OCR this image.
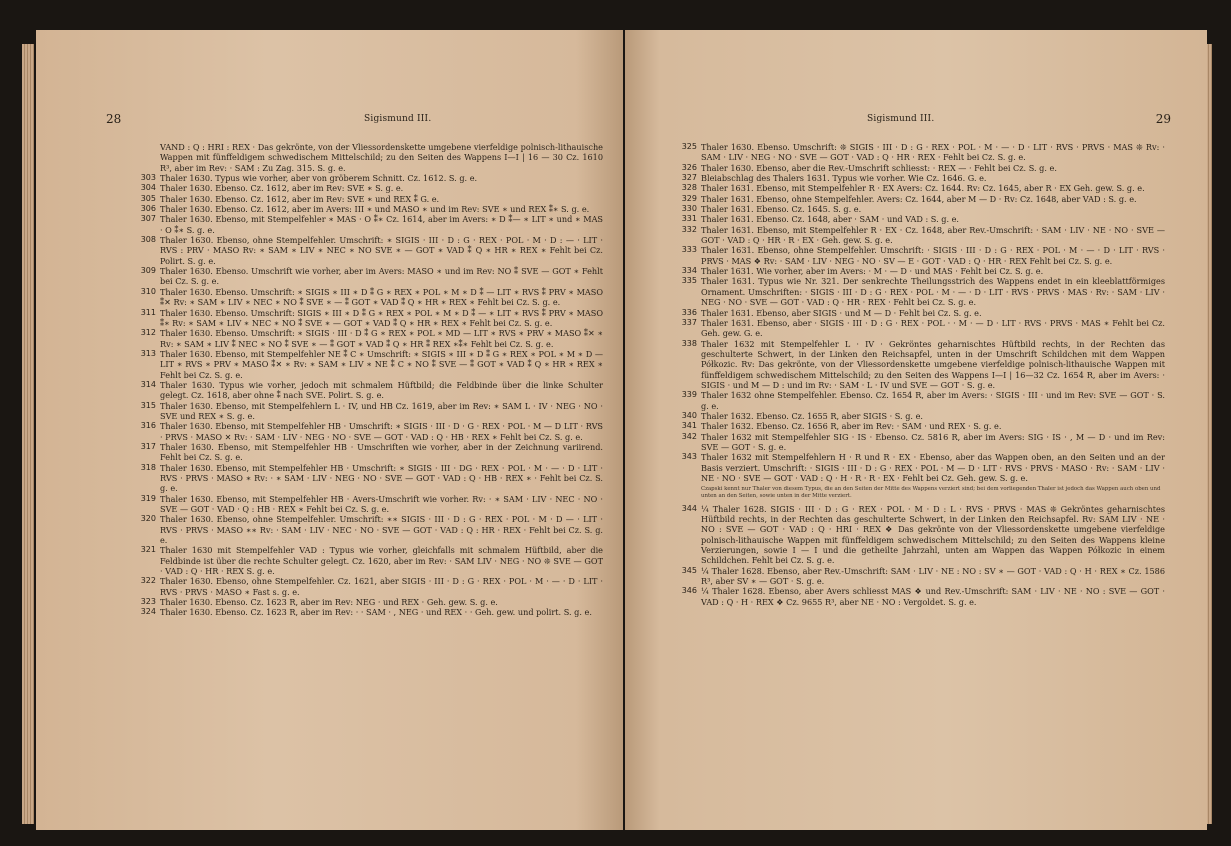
28	Sigismund III.

VAND : Q : HRI : REX · Das gekrönte, von der Vliessordenskette umgebene vierfeldige polnisch-lithauische Wappen mit fünffeldigem schwedischem Mittelschild; zu den Seiten des Wappens I—I | 16 — 30 Cz. 1610 R³, aber im Rev: · SAM : Zu Zag. 315. S. g. e.

303 Thaler 1630. Typus wie vorher, aber von gröberem Schnitt. Cz. 1612. S. g. e.

304 Thaler 1630. Ebenso. Cz. 1612, aber im Rev: SVE ∗ S. g. e.

305 Thaler 1630. Ebenso. Cz. 1612, aber im Rev: SVE ∗ und REX ⁑ G. e.

306 Thaler 1630. Ebenso. Cz. 1612, aber im Avers: III ∗ und MASO ∗ und im Rev: SVE ∗ und REX ⁑∗ S. g. e.

307 Thaler 1630. Ebenso, mit Stempelfehler ∗ MAS · O ⁑∗ Cz. 1614, aber im Avers: ∗ D ⁑— ∗ LIT ∗ und ∗ MAS · O ⁑∗ S. g. e.

308 Thaler 1630. Ebenso, ohne Stempelfehler. Umschrift: ∗ SIGIS · III · D : G · REX · POL · M · D : — · LIT · RVS : PRV · MASO Rv: ∗ SAM ∗ LIV ∗ NEC ∗ NO SVE ∗ — GOT ∗ VAD ⁑ Q ∗ HR ∗ REX ∗ Fehlt bei Cz. Polirt. S. g. e.

309 Thaler 1630. Ebenso. Umschrift wie vorher, aber im Avers: MASO ∗ und im Rev: NO ⁑ SVE — GOT ∗ Fehlt bei Cz. S. g. e.

310 Thaler 1630. Ebenso. Umschrift: ∗ SIGIS ∗ III ∗ D ⁑ G ∗ REX ∗ POL ∗ M ∗ D ⁑ — LIT ∗ RVS ⁑ PRV ∗ MASO ⁑✕ Rv: ∗ SAM ∗ LIV ∗ NEC ∗ NO ⁑ SVE ∗ — ⁑ GOT ∗ VAD ⁑ Q ∗ HR ∗ REX ∗ Fehlt bei Cz. S. g. e.

311 Thaler 1630. Ebenso. Umschrift: SIGIS ∗ III ∗ D ⁑ G ∗ REX ∗ POL ∗ M ∗ D ⁑ — ∗ LIT ∗ RVS ⁑ PRV ∗ MASO ⁑∗ Rv: ∗ SAM ∗ LIV ∗ NEC ∗ NO ⁑ SVE ∗ — GOT ∗ VAD ⁑ Q ∗ HR ∗ REX ∗ Fehlt bei Cz. S. g. e.

312 Thaler 1630. Ebenso. Umschrift: ∗ SIGIS · III · D ⁑ G ∗ REX ∗ POL ∗ MD — LIT ∗ RVS ∗ PRV ∗ MASO ⁑✕ ∗ Rv: ∗ SAM ∗ LIV ⁑ NEC ∗ NO ⁑ SVE ∗ — ⁑ GOT ∗ VAD ⁑ Q ∗ HR ⁑ REX ∗⁑∗ Fehlt bei Cz. S. g. e.

313 Thaler 1630. Ebenso, mit Stempelfehler NE ⁑ C ∗ Umschrift: ∗ SIGIS ∗ III ∗ D ⁑ G ∗ REX ∗ POL ∗ M ∗ D — LIT ∗ RVS ∗ PRV ∗ MASO ⁑✕ ∗ Rv: ∗ SAM ∗ LIV ∗ NE ⁑ C ∗ NO ⁑ SVE — ⁑ GOT ∗ VAD ⁑ Q ∗ HR ∗ REX ∗ Fehlt bei Cz. S. g. e.

314 Thaler 1630. Typus wie vorher, jedoch mit schmalem Hüftbild; die Feldbinde über die linke Schulter gelegt. Cz. 1618, aber ohne ⁑ nach SVE. Polirt. S. g. e.

315 Thaler 1630. Ebenso, mit Stempelfehlern L · IV, und HB Cz. 1619, aber im Rev: ∗ SAM L · IV · NEG · NO · SVE und REX ∗ S. g. e.

316 Thaler 1630. Ebenso, mit Stempelfehler HB · Umschrift: ∗ SIGIS · III · D · G · REX · POL · M — D LIT · RVS · PRVS · MASO ✕ Rv: · SAM · LIV · NEG · NO · SVE — GOT · VAD : Q · HB · REX ∗ Fehlt bei Cz. S. g. e.

317 Thaler 1630. Ebenso, mit Stempelfehler HB · Umschriften wie vorher, aber in der Zeichnung variirend. Fehlt bei Cz. S. g. e.

318 Thaler 1630. Ebenso, mit Stempelfehler HB · Umschrift: ∗ SIGIS · III · DG · REX · POL · M · — · D · LIT · RVS · PRVS · MASO ∗ Rv: · ∗ SAM · LIV · NEG · NO · SVE — GOT · VAD : Q · HB · REX ∗ · Fehlt bei Cz. S. g. e.

319 Thaler 1630. Ebenso, mit Stempelfehler HB · Avers-Umschrift wie vorher. Rv: · ∗ SAM · LIV · NEC · NO · SVE — GOT · VAD · Q : HB · REX ∗ Fehlt bei Cz. S. g. e.

320 Thaler 1630. Ebenso, ohne Stempelfehler. Umschrift: ∗∗ SIGIS · III · D : G · REX · POL · M · D — · LIT · RVS · PRVS · MASO ∗∗ Rv: · SAM · LIV · NEC · NO · SVE — GOT · VAD : Q : HR · REX · Fehlt bei Cz. S. g. e.

321 Thaler 1630 mit Stempelfehler VAD : Typus wie vorher, gleichfalls mit schmalem Hüftbild, aber die Feldbinde ist über die rechte Schulter gelegt. Cz. 1620, aber im Rev: · SAM LIV · NEG · NO ❊ SVE — GOT · VAD : Q · HR · REX S. g. e.

322 Thaler 1630. Ebenso, ohne Stempelfehler. Cz. 1621, aber SIGIS · III · D : G · REX · POL · M · — · D · LIT · RVS · PRVS · MASO ∗ Fast s. g. e.

323 Thaler 1630. Ebenso. Cz. 1623 R, aber im Rev: NEG · und REX · Geh. gew. S. g. e.

324 Thaler 1630. Ebenso. Cz. 1623 R, aber im Rev: · · SAM · , NEG · und REX · · Geh. gew. und polirt. S. g. e.

Sigismund III.	29

325 Thaler 1630. Ebenso. Umschrift: ❊ SIGIS · III · D : G · REX · POL · M · — · D · LIT · RVS · PRVS · MAS ❊ Rv: · SAM · LIV · NEG · NO · SVE — GOT · VAD : Q · HR · REX · Fehlt bei Cz. S. g. e.

326 Thaler 1630. Ebenso, aber die Rev.-Umschrift schliesst: · REX — · Fehlt bei Cz. S. g. e.

327 Bleiabschlag des Thalers 1631. Typus wie vorher. Wie Cz. 1646. G. e.

328 Thaler 1631. Ebenso, mit Stempelfehler R · EX Avers: Cz. 1644. Rv: Cz. 1645, aber R · EX Geh. gew. S. g. e.

329 Thaler 1631. Ebenso, ohne Stempelfehler. Avers: Cz. 1644, aber M — D · Rv: Cz. 1648, aber VAD : S. g. e.

330 Thaler 1631. Ebenso. Cz. 1645. S. g. e.

331 Thaler 1631. Ebenso. Cz. 1648, aber · SAM · und VAD : S. g. e.

332 Thaler 1631. Ebenso, mit Stempelfehler R · EX · Cz. 1648, aber Rev.-Umschrift: · SAM · LIV · NE · NO · SVE — GOT · VAD : Q · HR · R · EX · Geh. gew. S. g. e.

333 Thaler 1631. Ebenso, ohne Stempelfehler. Umschrift: · SIGIS · III · D : G · REX · POL · M · — · D · LIT · RVS · PRVS · MAS ❖ Rv: · SAM · LIV · NEG · NO · SV — E · GOT · VAD : Q · HR · REX Fehlt bei Cz. S. g. e.

334 Thaler 1631. Wie vorher, aber im Avers: · M · — D · und MAS · Fehlt bei Cz. S. g. e.

335 Thaler 1631. Typus wie Nr. 321. Der senkrechte Theilungsstrich des Wappens endet in ein kleeblattförmiges Ornament. Umschriften: · SIGIS · III · D : G · REX · POL · M · — · D · LIT · RVS · PRVS · MAS · Rv: · SAM · LIV · NEG · NO · SVE — GOT · VAD : Q · HR · REX · Fehlt bei Cz. S. g. e.

336 Thaler 1631. Ebenso, aber SIGIS · und M — D · Fehlt bei Cz. S. g. e.

337 Thaler 1631. Ebenso, aber · SIGIS · III · D : G · REX · POL · · M · — D · LIT · RVS · PRVS · MAS ∗ Fehlt bei Cz. Geh. gew. G. e.

338 Thaler 1632 mit Stempelfehler L · IV · Gekröntes geharnischtes Hüftbild rechts, in der Rechten das geschulterte Schwert, in der Linken den Reichsapfel, unten in der Umschrift Schildchen mit dem Wappen Półkozic. Rv: Das gekrönte, von der Vliessordenskette umgebene vierfeldige polnisch-lithauische Wappen mit fünffeldigem schwedischem Mittelschild; zu den Seiten des Wappens I—I | 16—32 Cz. 1654 R, aber im Avers: · SIGIS · und M — D : und im Rv: · SAM · L · IV und SVE — GOT · S. g. e.

339 Thaler 1632 ohne Stempelfehler. Ebenso. Cz. 1654 R, aber im Avers: · SIGIS · III · und im Rev: SVE — GOT · S. g. e.

340 Thaler 1632. Ebenso. Cz. 1655 R, aber SIGIS · S. g. e.

341 Thaler 1632. Ebenso. Cz. 1656 R, aber im Rev: · SAM · und REX · S. g. e.

342 Thaler 1632 mit Stempelfehler SIG · IS · Ebenso. Cz. 5816 R, aber im Avers: SIG · IS · , M — D · und im Rev: SVE — GOT · S. g. e.

343 Thaler 1632 mit Stempelfehlern H · R und R · EX · Ebenso, aber das Wappen oben, an den Seiten und an der Basis verziert. Umschrift: · SIGIS · III · D : G · REX · POL · M — D · LIT · RVS · PRVS · MASO · Rv: · SAM · LIV · NE · NO · SVE — GOT · VAD : Q · H · R · R · EX · Fehlt bei Cz. Geh. gew. S. g. e.

Czapski kennt nur Thaler von diesem Typus, die an den Seiten der Mitte des Wappens verziert sind; bei dem vorliegenden Thaler ist jedoch das Wappen auch oben und unten an den Seiten, sowie unten in der Mitte verziert.

344 ¼ Thaler 1628. SIGIS · III · D : G · REX · POL · M · D : L · RVS · PRVS · MAS ❊ Gekröntes geharnischtes Hüftbild rechts, in der Rechten das geschulterte Schwert, in der Linken den Reichsapfel. Rv: SAM LIV · NE · NO : SVE — GOT · VAD : Q · HRI · REX ❖ Das gekrönte von der Vliessordenskette umgebene vierfeldige polnisch-lithauische Wappen mit fünffeldigem schwedischem Mittelschild; zu den Seiten des Wappens kleine Verzierungen, sowie I — I und die getheilte Jahrzahl, unten am Wappen das Wappen Półkozic in einem Schildchen. Fehlt bei Cz. S. g. e.

345 ¼ Thaler 1628. Ebenso, aber Rev.-Umschrift: SAM · LIV · NE : NO : SV ∗ — GOT · VAD : Q · H · REX ∗ Cz. 1586 R³, aber SV ∗ — GOT · S. g. e.

346 ¼ Thaler 1628. Ebenso, aber Avers schliesst MAS ❖ und Rev.-Umschrift: SAM · LIV · NE · NO : SVE — GOT · VAD : Q · H · REX ❖ Cz. 9655 R³, aber NE · NO : Vergoldet. S. g. e.
